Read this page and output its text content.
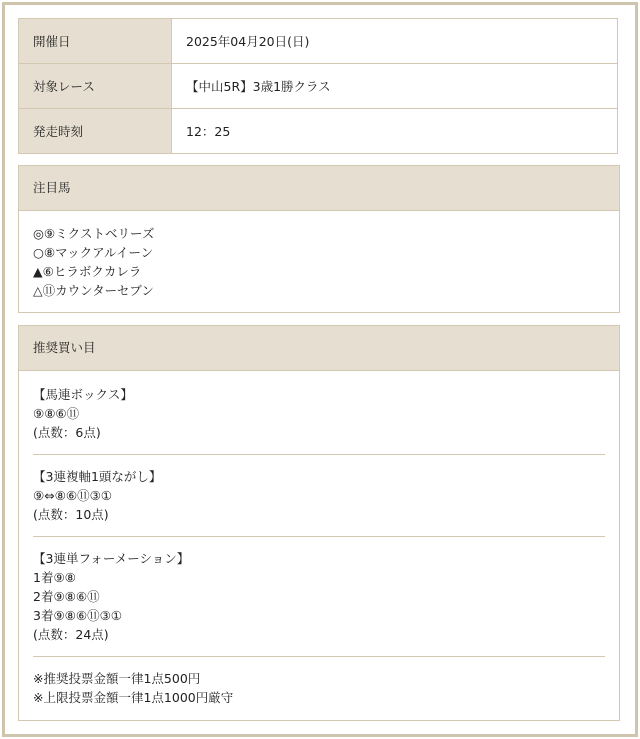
開催日	2025年04月20日(日)
対象レース	【中山5R】3歳1勝クラス
発走時刻	12：25
注目馬
◎⑨ミクストベリーズ
○⑧マックアルイーン
▲⑥ヒラボクカレラ
△⑪カウンターセブン
推奨買い目
【馬連ボックス】
⑨⑧⑥⑪
(点数：6点)
【3連複軸1頭ながし】
⑨⇔⑧⑥⑪③①
(点数：10点)
【3連単フォーメーション】
1着⑨⑧
2着⑨⑧⑥⑪
3着⑨⑧⑥⑪③①
(点数：24点)
※推奨投票金額一律1点500円
※上限投票金額一律1点1000円厳守
